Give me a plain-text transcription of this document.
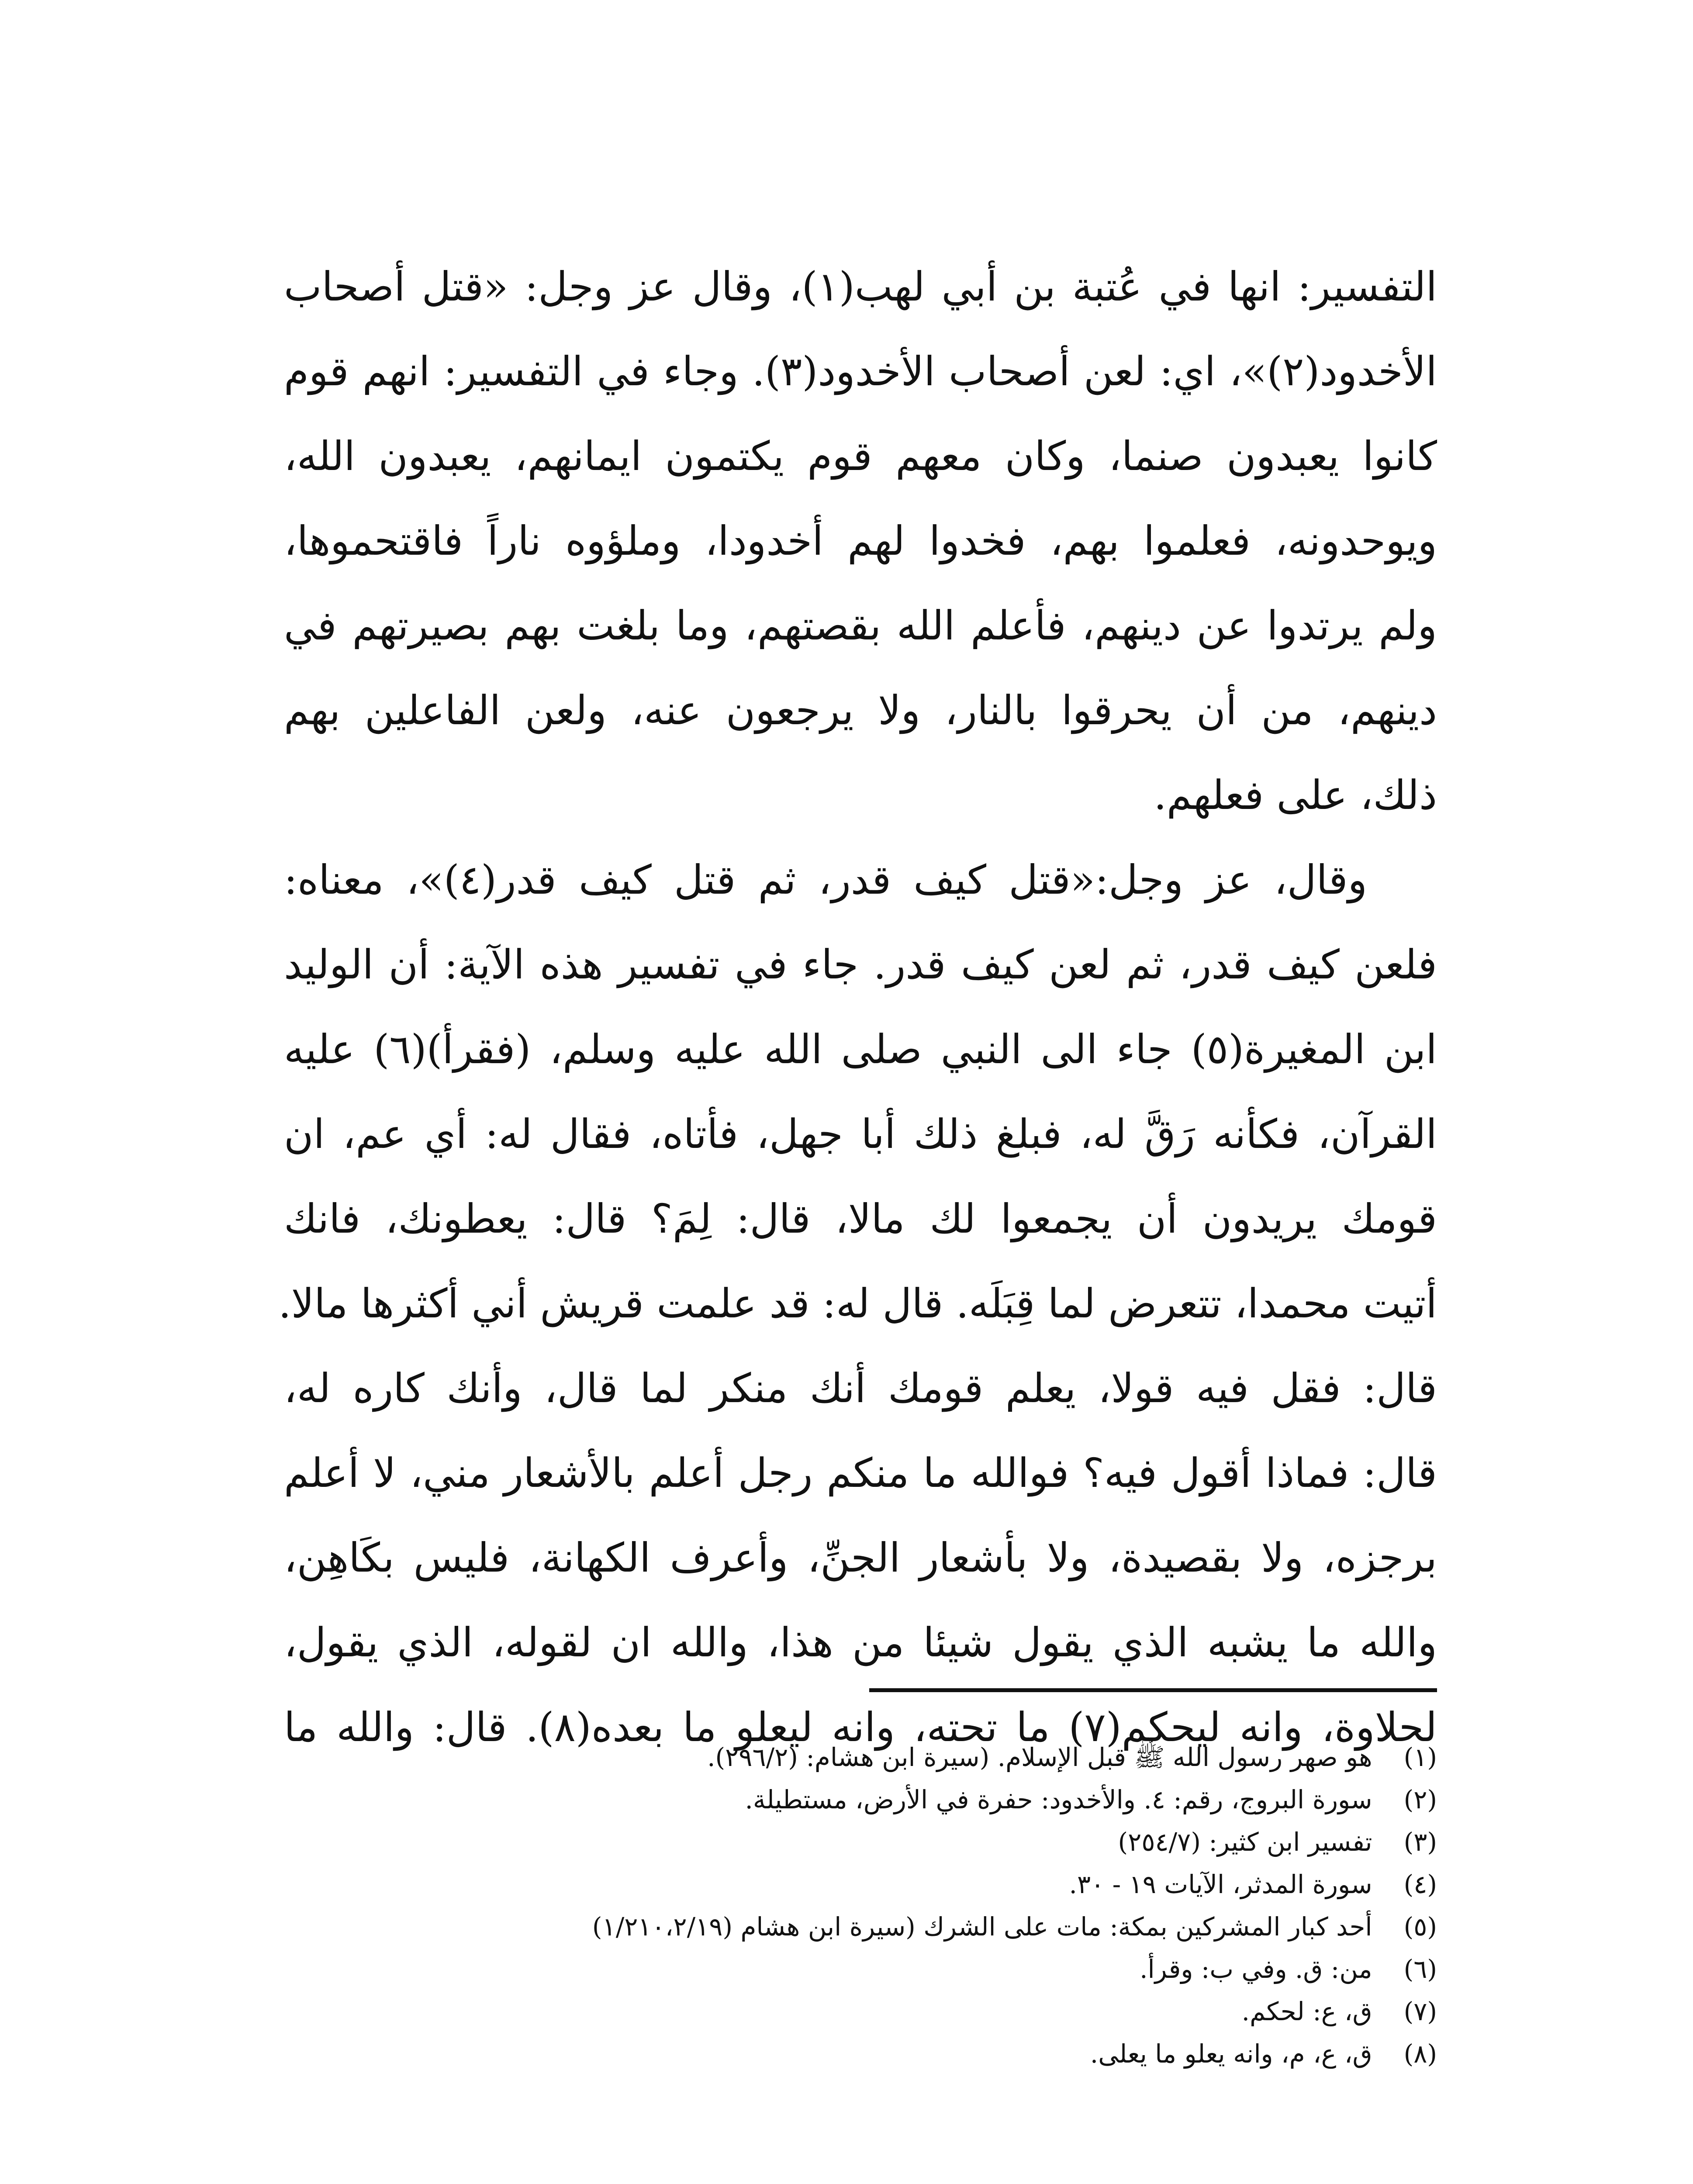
التفسير: انها في عُتبة بن أبي لهب(١)، وقال عز وجل: «قتل أصحاب
الأخدود(٢)»، اي: لعن أصحاب الأخدود(٣). وجاء في التفسير: انهم قوم
كانوا يعبدون صنما، وكان معهم قوم يكتمون ايمانهم، يعبدون الله،
ويوحدونه، فعلموا بهم، فخدوا لهم أخدودا، وملؤوه ناراً فاقتحموها،
ولم يرتدوا عن دينهم، فأعلم الله بقصتهم، وما بلغت بهم بصيرتهم في
دينهم، من أن يحرقوا بالنار، ولا يرجعون عنه، ولعن الفاعلين بهم
ذلك، على فعلهم.

وقال، عز وجل:«قتل كيف قدر، ثم قتل كيف قدر(٤)»، معناه:
فلعن كيف قدر، ثم لعن كيف قدر. جاء في تفسير هذه الآية: أن الوليد
ابن المغيرة(٥) جاء الى النبي صلى الله عليه وسلم، (فقرأ)(٦) عليه
القرآن، فكأنه رَقَّ له، فبلغ ذلك أبا جهل، فأتاه، فقال له: أي عم، ان
قومك يريدون أن يجمعوا لك مالا، قال: لِمَ؟ قال: يعطونك، فانك
أتيت محمدا، تتعرض لما قِبَلَه. قال له: قد علمت قريش أني أكثرها مالا.
قال: فقل فيه قولا، يعلم قومك أنك منكر لما قال، وأنك كاره له،
قال: فماذا أقول فيه؟ فوالله ما منكم رجل أعلم بالأشعار مني، لا أعلم
برجزه، ولا بقصيدة، ولا بأشعار الجنِّ، وأعرف الكهانة، فليس بكَاهِن،
والله ما يشبه الذي يقول شيئا من هذا، والله ان لقوله، الذي يقول،
لحلاوة، وانه ليحكم(٧) ما تحته، وانه ليعلو ما بعده(٨). قال: والله ما

(١) هو صهر رسول الله ﷺ قبل الإسلام. (سيرة ابن هشام: (٢٩٦/٢).
(٢) سورة البروج، رقم: ٤. والأخدود: حفرة في الأرض، مستطيلة.
(٣) تفسير ابن كثير: (٢٥٤/٧)
(٤) سورة المدثر، الآيات ١٩ - ٣٠.
(٥) أحد كبار المشركين بمكة: مات على الشرك (سيرة ابن هشام (١/٢١٠،٢/١٩)
(٦) من: ق. وفي ب: وقرأ.
(٧) ق، ع: لحكم.
(٨) ق، ع، م، وانه يعلو ما يعلى.
